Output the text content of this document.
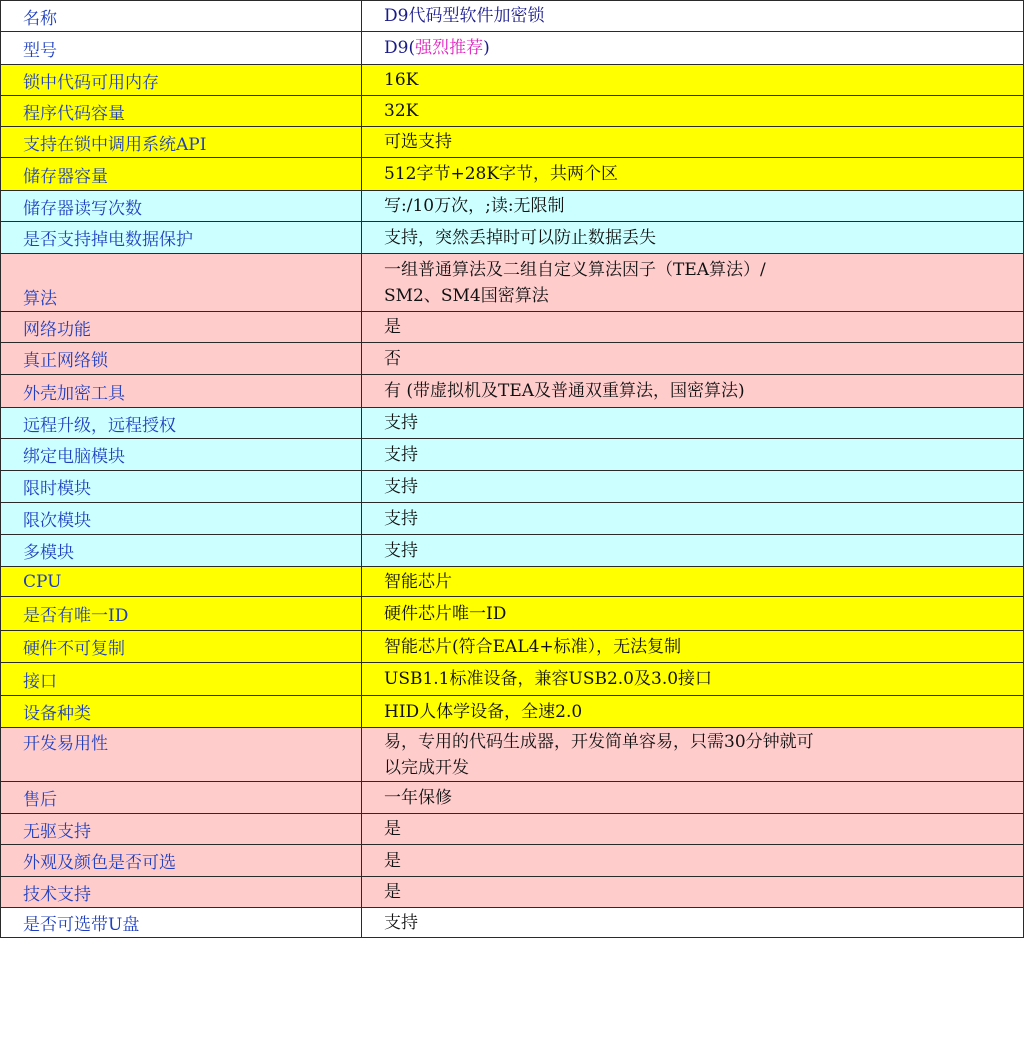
名称	D9代码型软件加密锁
型号	D9(强烈推荐)
锁中代码可用内存	16K
程序代码容量	32K
支持在锁中调用系统API	可选支持
储存器容量	512字节+28K字节，共两个区
储存器读写次数	写:/10万次，;读:无限制
是否支持掉电数据保护	支持，突然丢掉时可以防止数据丢失
算法	一组普通算法及二组自定义算法因子（TEA算法）/
SM2、SM4国密算法
网络功能	是
真正网络锁	否
外壳加密工具	有 (带虚拟机及TEA及普通双重算法，国密算法)
远程升级，远程授权	支持
绑定电脑模块	支持
限时模块	支持
限次模块	支持
多模块	支持
CPU	智能芯片
是否有唯一ID	硬件芯片唯一ID
硬件不可复制	智能芯片(符合EAL4+标准），无法复制
接口	USB1.1标准设备，兼容USB2.0及3.0接口
设备种类	HID人体学设备，全速2.0
开发易用性	易，专用的代码生成器，开发简单容易，只需30分钟就可
以完成开发
售后	一年保修
无驱支持	是
外观及颜色是否可选	是
技术支持	是
是否可选带U盘	支持
